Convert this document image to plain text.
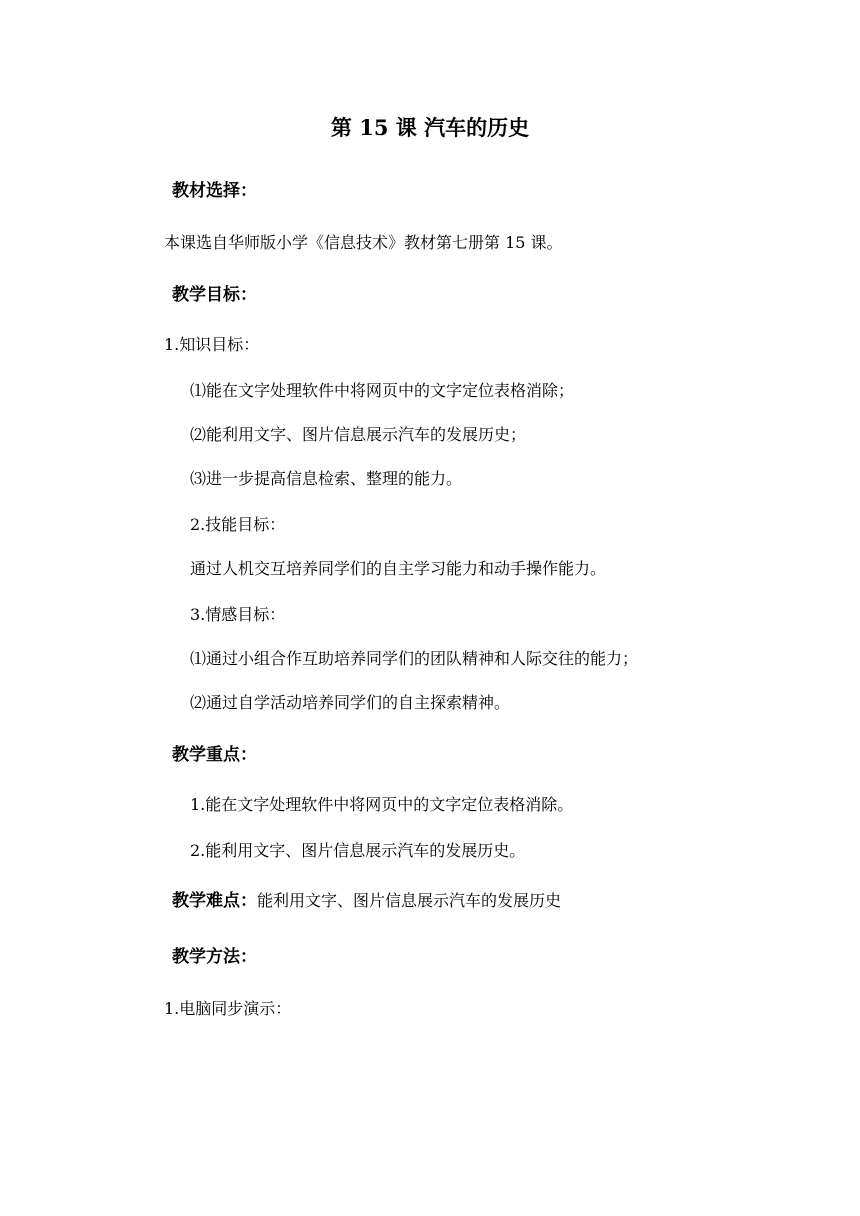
第 15 课 汽车的历史
教材选择：
本课选自华师版小学《信息技术》教材第七册第 15 课。
教学目标：
1.知识目标：
⑴能在文字处理软件中将网页中的文字定位表格消除；
⑵能利用文字、图片信息展示汽车的发展历史；
⑶进一步提高信息检索、整理的能力。
2.技能目标：
通过人机交互培养同学们的自主学习能力和动手操作能力。
3.情感目标：
⑴通过小组合作互助培养同学们的团队精神和人际交往的能力；
⑵通过自学活动培养同学们的自主探索精神。
教学重点：
1.能在文字处理软件中将网页中的文字定位表格消除。
2.能利用文字、图片信息展示汽车的发展历史。
教学难点：能利用文字、图片信息展示汽车的发展历史
教学方法：
1.电脑同步演示：
